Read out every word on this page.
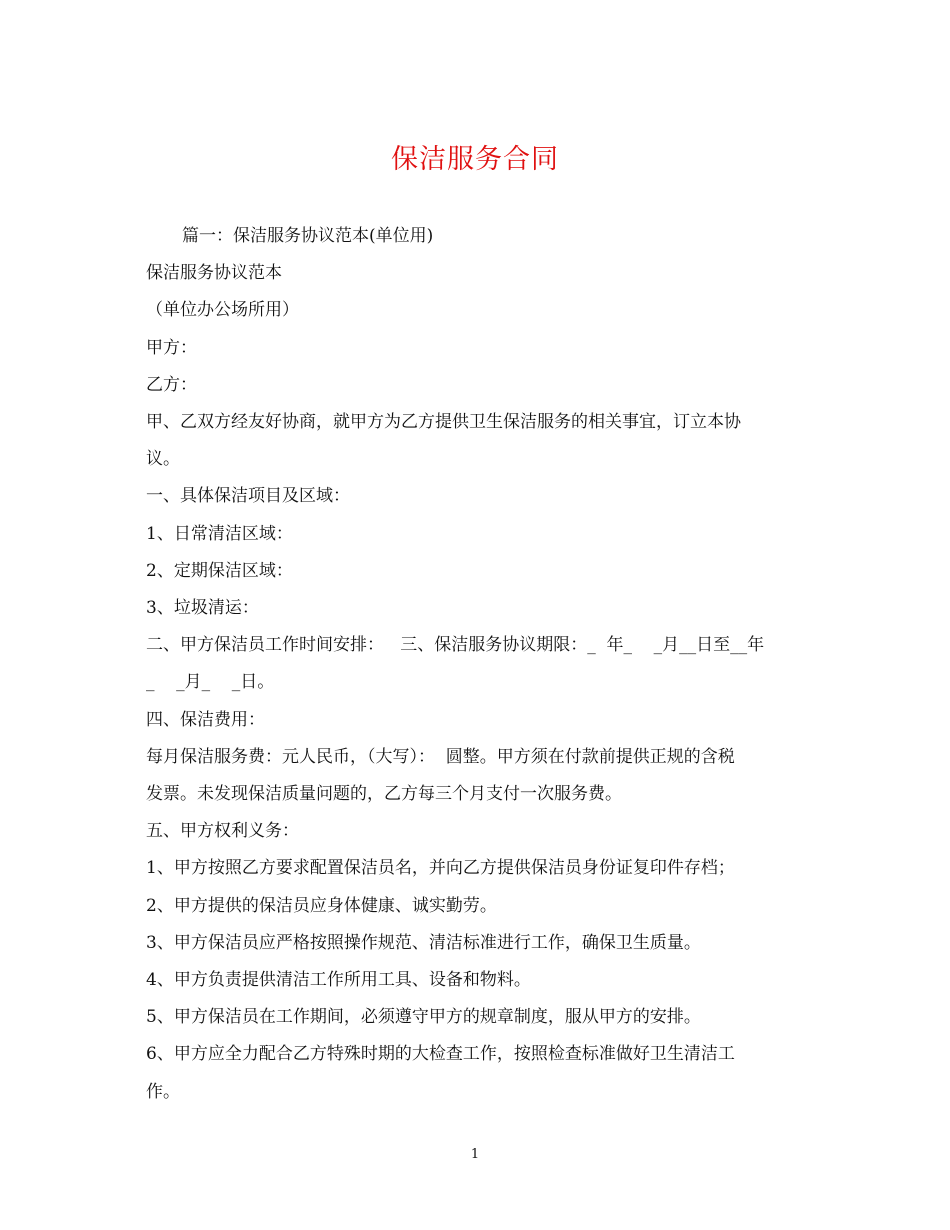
保洁服务合同

篇一：保洁服务协议范本(单位用)

保洁服务协议范本

（单位办公场所用）

甲方：

乙方：

甲、乙双方经友好协商，就甲方为乙方提供卫生保洁服务的相关事宜，订立本协

议。

一、具体保洁项目及区域：

1、日常清洁区域：

2、定期保洁区域：

3、垃圾清运：

二、甲方保洁员工作时间安排：   三、保洁服务协议期限：_  年_    _月__日至__年

_    _月_    _日。

四、保洁费用：

每月保洁服务费：元人民币，（大写）：  圆整。甲方须在付款前提供正规的含税

发票。未发现保洁质量问题的，乙方每三个月支付一次服务费。

五、甲方权利义务：

1、甲方按照乙方要求配置保洁员名，并向乙方提供保洁员身份证复印件存档；

2、甲方提供的保洁员应身体健康、诚实勤劳。

3、甲方保洁员应严格按照操作规范、清洁标准进行工作，确保卫生质量。

4、甲方负责提供清洁工作所用工具、设备和物料。

5、甲方保洁员在工作期间，必须遵守甲方的规章制度，服从甲方的安排。

6、甲方应全力配合乙方特殊时期的大检查工作，按照检查标准做好卫生清洁工

作。

1
